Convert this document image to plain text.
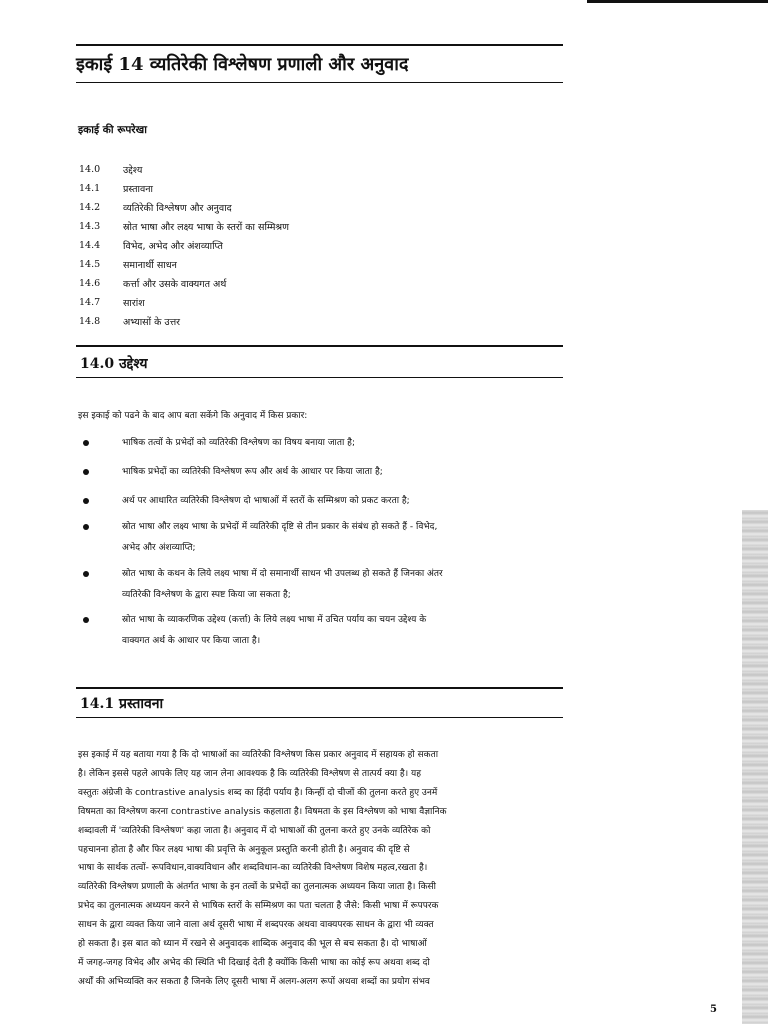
इकाई 14 व्यतिरेकी विश्लेषण प्रणाली और अनुवाद
इकाई की रूपरेखा
14.0	उद्देश्य
14.1	प्रस्तावना
14.2	व्यतिरेकी विश्लेषण और अनुवाद
14.3	स्रोत भाषा और लक्ष्य भाषा के स्तरों का सम्मिश्रण
14.4	विभेद, अभेद और अंशव्याप्ति
14.5	समानार्थी साधन
14.6	कर्त्ता और उसके वाक्यगत अर्थ
14.7	सारांश
14.8	अभ्यासों के उत्तर
14.0 उद्देश्य
इस इकाई को पढने के बाद आप बता सकेंगे कि अनुवाद में किस प्रकार:
भाषिक तत्वों के प्रभेदों को व्यतिरेकी विश्लेषण का विषय बनाया जाता है;
भाषिक प्रभेदों का व्यतिरेकी विश्लेषण रूप और अर्थ के आधार पर किया जाता है;
अर्थ पर आधारित व्यतिरेकी विश्लेषण दो भाषाओं में स्तरों के सम्मिश्रण को प्रकट करता है;
स्रोत भाषा और लक्ष्य भाषा के प्रभेदों में व्यतिरेकी दृष्टि से तीन प्रकार के संबंध हो सकते हैं - विभेद,
अभेद और अंशव्याप्ति;
स्रोत भाषा के कथन के लिये लक्ष्य भाषा में दो समानार्थी साधन भी उपलब्ध हो सकते हैं जिनका अंतर
व्यतिरेकी विश्लेषण के द्वारा स्पष्ट किया जा सकता है;
स्रोत भाषा के व्याकरणिक उद्देश्य (कर्त्ता) के लिये लक्ष्य भाषा में उचित पर्याय का चयन उद्देश्य के
वाक्यगत अर्थ के आधार पर किया जाता है।
14.1 प्रस्तावना
इस इकाई में यह बताया गया है कि दो भाषाओं का व्यतिरेकी विश्लेषण किस प्रकार अनुवाद में सहायक हो सकता
है। लेकिन इससे पहले आपके लिए यह जान लेना आवश्यक है कि व्यतिरेकी विश्लेषण से तात्पर्य क्या है। यह
वस्तुतः अंग्रेजी के contrastive analysis शब्द का हिंदी पर्याय है। किन्हीं दो चीजों की तुलना करते हुए उनमें
विषमता का विश्लेषण करना contrastive analysis कहलाता है। विषमता के इस विश्लेषण को भाषा वैज्ञानिक
शब्दावली में 'व्यतिरेकी विश्लेषण' कहा जाता है। अनुवाद में दो भाषाओं की तुलना करते हुए उनके व्यतिरेक को
पहचानना होता है और फिर लक्ष्य भाषा की प्रवृत्ति के अनुकूल प्रस्तुति करनी होती है। अनुवाद की दृष्टि से
भाषा के सार्थक तत्वों- रूपविधान,वाक्यविधान और शब्दविधान-का व्यतिरेकी विश्लेषण विशेष महत्व,रखता है।
व्यतिरेकी विश्लेषण प्रणाली के अंतर्गत भाषा के इन तत्वों के प्रभेदों का तुलनात्मक अध्ययन किया जाता है। किसी
प्रभेद का तुलनात्मक अध्ययन करने से भाषिक स्तरों के सम्मिश्रण का पता चलता है जैसे: किसी भाषा में रूपपरक
साधन के द्वारा व्यक्त किया जाने वाला अर्थ दूसरी भाषा में शब्दपरक अथवा वाक्यपरक साधन के द्वारा भी व्यक्त
हो सकता है। इस बात को ध्यान में रखने से अनुवादक शाब्दिक अनुवाद की भूल से बच सकता है। दो भाषाओं
में जगह-जगह विभेद और अभेद की स्थिति भी दिखाई देती है क्योंकि किसी भाषा का कोई रूप अथवा शब्द दो
अर्थों की अभिव्यक्ति कर सकता है जिनके लिए दूसरी भाषा में अलग-अलग रूपों अथवा शब्दों का प्रयोग संभव
5
